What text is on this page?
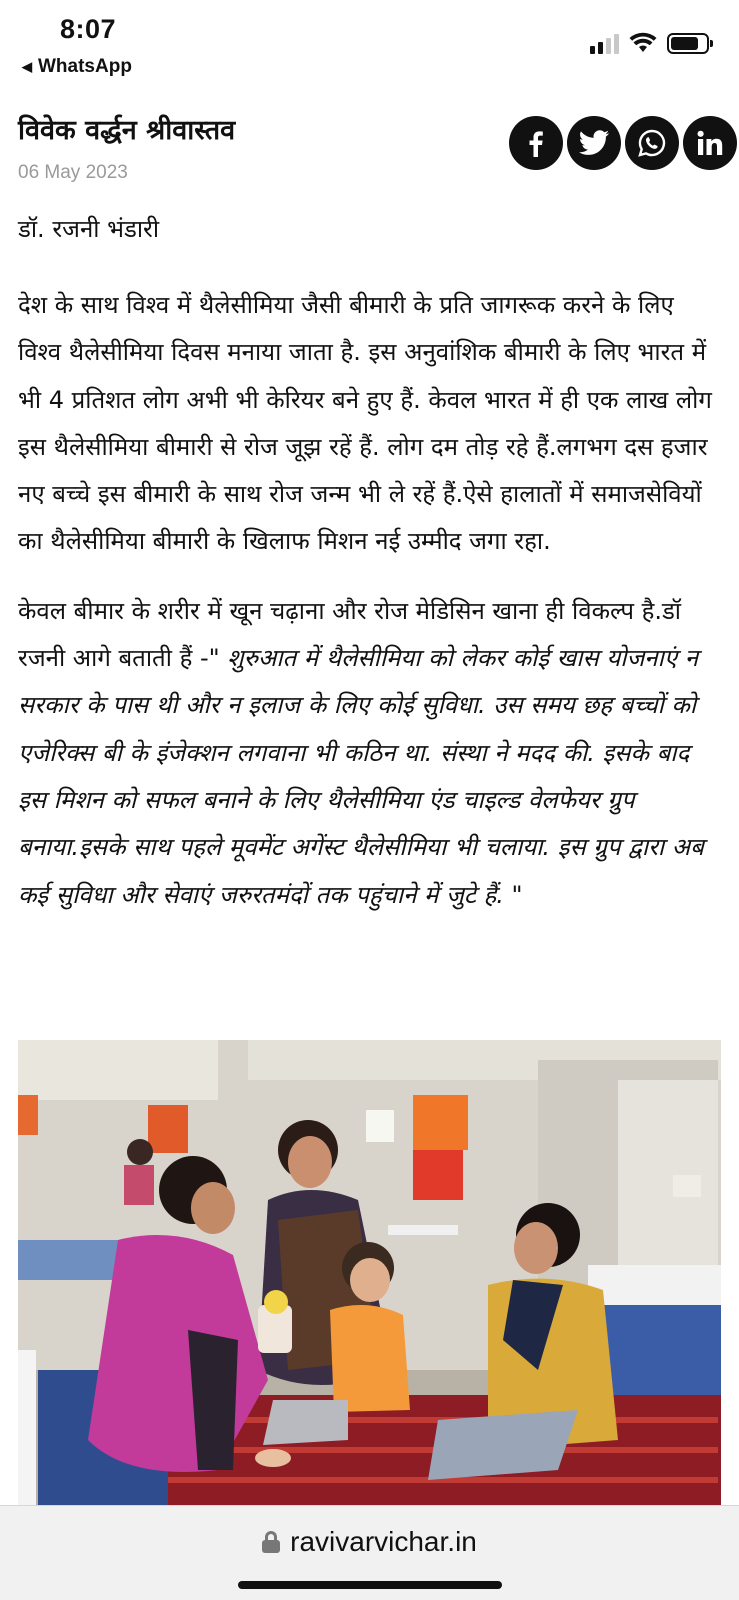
8:07
◀ WhatsApp
विवेक वर्द्धन श्रीवास्तव
06 May 2023
डॉ. रजनी भंडारी

देश के साथ विश्व में थैलेसीमिया जैसी बीमारी के प्रति जागरूक करने के लिए विश्व थैलेसीमिया दिवस मनाया जाता है. इस अनुवांशिक बीमारी के लिए भारत में भी 4 प्रतिशत लोग अभी भी केरियर बने हुए हैं. केवल भारत में ही एक लाख लोग इस थैलेसीमिया बीमारी से रोज जूझ रहें हैं. लोग दम तोड़ रहे हैं.लगभग दस हजार नए बच्चे इस बीमारी के साथ रोज जन्म भी ले रहें हैं.ऐसे हालातों में समाजसेवियों का थैलेसीमिया बीमारी के खिलाफ मिशन नई उम्मीद जगा रहा.

केवल बीमार के शरीर में खून चढ़ाना और रोज मेडिसिन खाना ही विकल्प है.डॉ रजनी आगे बताती हैं -" शुरुआत में थैलेसीमिया को लेकर कोई खास योजनाएं न सरकार के पास थी और न इलाज के लिए कोई सुविधा. उस समय छह बच्चों को एजेरिक्स बी के इंजेक्शन लगवाना भी कठिन था. संस्था ने मदद की. इसके बाद इस मिशन को सफल बनाने के लिए थैलेसीमिया एंड चाइल्ड वेलफेयर ग्रुप बनाया.इसके साथ पहले मूवमेंट अगेंस्ट थैलेसीमिया भी चलाया. इस ग्रुप द्वारा अब कई सुविधा और सेवाएं जरुरतमंदों तक पहुंचाने में जुटे हैं. "

ravivarvichar.in
